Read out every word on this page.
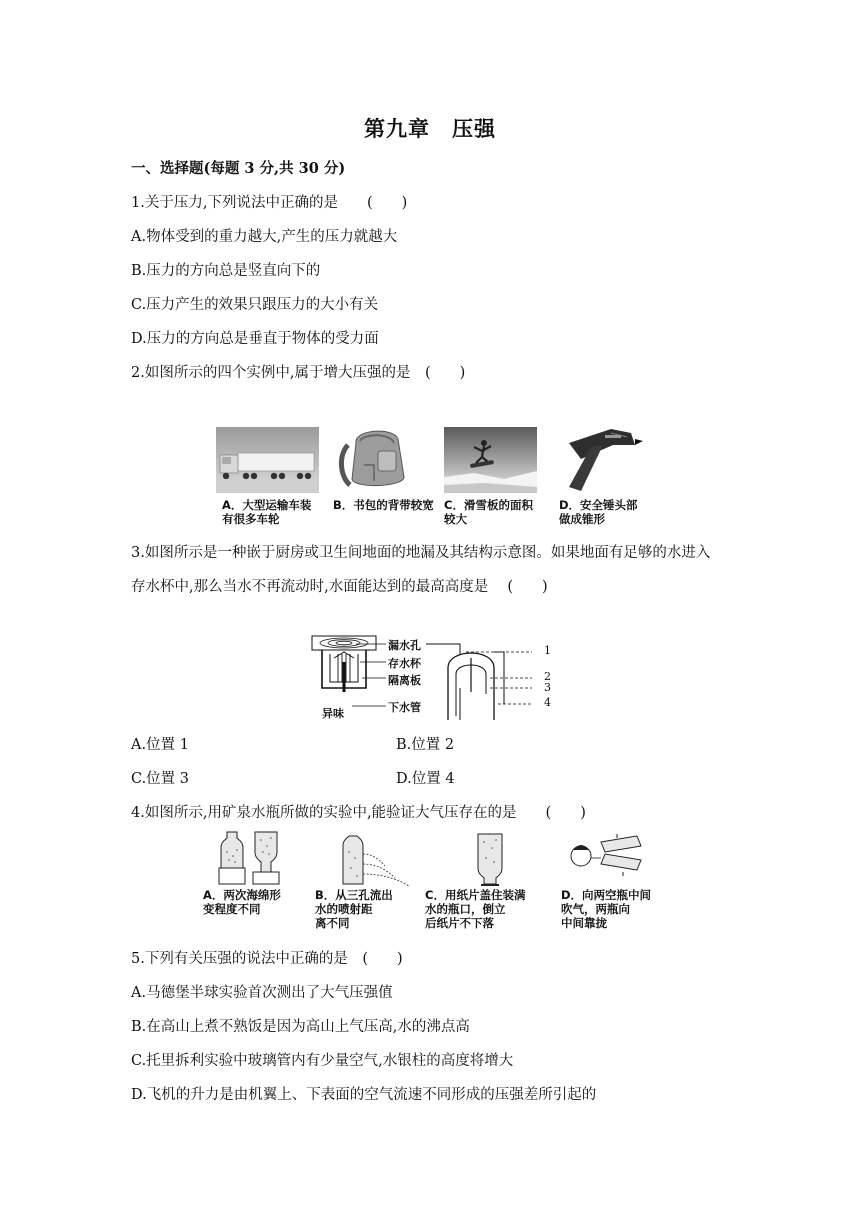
第九章　压强
一、选择题(每题 3 分,共 30 分)
1.关于压力,下列说法中正确的是　　(　　)
A.物体受到的重力越大,产生的压力就越大
B.压力的方向总是竖直向下的
C.压力产生的效果只跟压力的大小有关
D.压力的方向总是垂直于物体的受力面
2.如图所示的四个实例中,属于增大压强的是　(　　)
A．大型运输车装
有很多车轮
B．书包的背带较宽 C．滑雪板的面积
较大
D．安全锤头部
做成锥形
3.如图所示是一种嵌于厨房或卫生间地面的地漏及其结构示意图。如果地面有足够的水进入
存水杯中,那么当水不再流动时,水面能达到的最高高度是　 (　　)
漏水孔
存水杯
隔离板
异味	下水管
1
2
3
4
A.位置 1	B.位置 2
C.位置 3	D.位置 4
4.如图所示,用矿泉水瓶所做的实验中,能验证大气压存在的是　　(　　)
A．两次海绵形
变程度不同
B．从三孔流出
水的喷射距
离不同
C．用纸片盖住装满
水的瓶口，倒立
后纸片不下落
D．向两空瓶中间
吹气，两瓶向
中间靠拢
5.下列有关压强的说法中正确的是　(　　)
A.马德堡半球实验首次测出了大气压强值
B.在高山上煮不熟饭是因为高山上气压高,水的沸点高
C.托里拆利实验中玻璃管内有少量空气,水银柱的高度将增大
D.飞机的升力是由机翼上、下表面的空气流速不同形成的压强差所引起的
